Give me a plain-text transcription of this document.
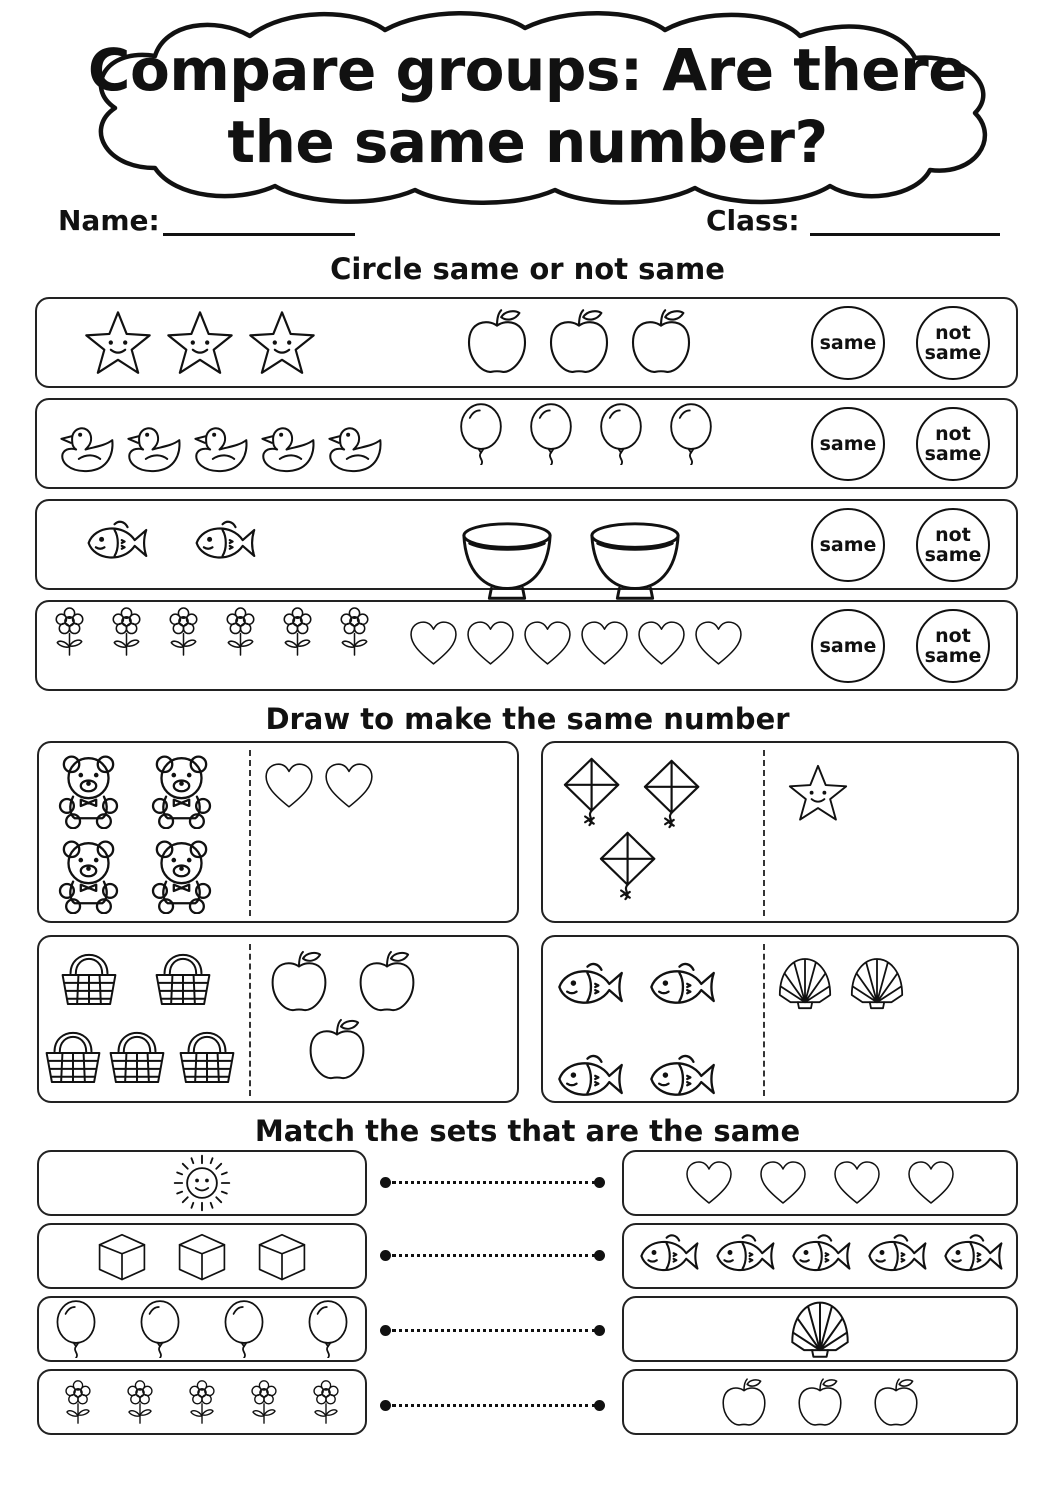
Compare groups: Are there
the same number?
Name:	Class:
Circle same or not same
same	not
same
same	not
same
same	not
same
same	not
same
Draw to make the same number
Match the sets that are the same
